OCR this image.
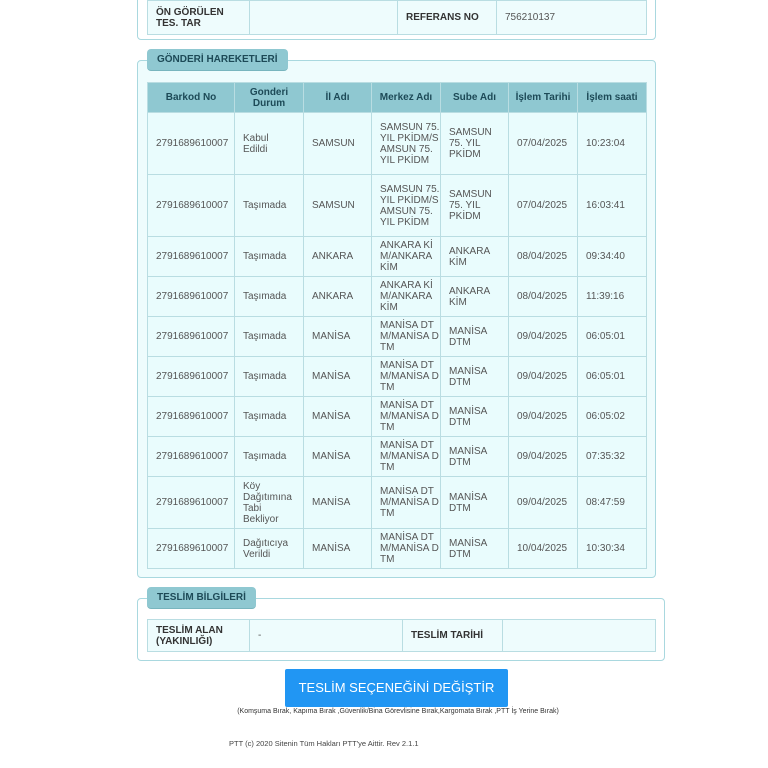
ÖN GÖRÜLEN TES. TAR		REFERANS NO	756210137
GÖNDERİ HAREKETLERİ
Barkod No	Gonderi Durum	İl Adı	Merkez Adı	Sube Adı	İşlem Tarihi	İşlem saati
2791689610007	Kabul Edildi	SAMSUN	SAMSUN 75. YIL PKİDM/SAMSUN 75. YIL PKİDM	SAMSUN 75. YIL PKİDM	07/04/2025	10:23:04
2791689610007	Taşımada	SAMSUN	SAMSUN 75. YIL PKİDM/SAMSUN 75. YIL PKİDM	SAMSUN 75. YIL PKİDM	07/04/2025	16:03:41
2791689610007	Taşımada	ANKARA	ANKARA KİM/ANKARA KİM	ANKARA KİM	08/04/2025	09:34:40
2791689610007	Taşımada	ANKARA	ANKARA KİM/ANKARA KİM	ANKARA KİM	08/04/2025	11:39:16
2791689610007	Taşımada	MANİSA	MANİSA DTM/MANİSA DTM	MANİSA DTM	09/04/2025	06:05:01
2791689610007	Taşımada	MANİSA	MANİSA DTM/MANİSA DTM	MANİSA DTM	09/04/2025	06:05:01
2791689610007	Taşımada	MANİSA	MANİSA DTM/MANİSA DTM	MANİSA DTM	09/04/2025	06:05:02
2791689610007	Taşımada	MANİSA	MANİSA DTM/MANİSA DTM	MANİSA DTM	09/04/2025	07:35:32
2791689610007	Köy Dağıtımına Tabi Bekliyor	MANİSA	MANİSA DTM/MANİSA DTM	MANİSA DTM	09/04/2025	08:47:59
2791689610007	Dağıtıcıya Verildi	MANİSA	MANİSA DTM/MANİSA DTM	MANİSA DTM	10/04/2025	10:30:34
TESLİM BİLGİLERİ
TESLİM ALAN (YAKINLIĞI)	-	TESLİM TARİHİ	
TESLİM SEÇENEĞİNİ DEĞİŞTİR
(Komşuma Bırak, Kapıma Bırak ,Güvenlik/Bina Görevlisine Bırak,Kargomata Bırak ,PTT İş Yerine Bırak)
PTT (c) 2020 Sitenin Tüm Hakları PTT'ye Aittir. Rev 2.1.1
